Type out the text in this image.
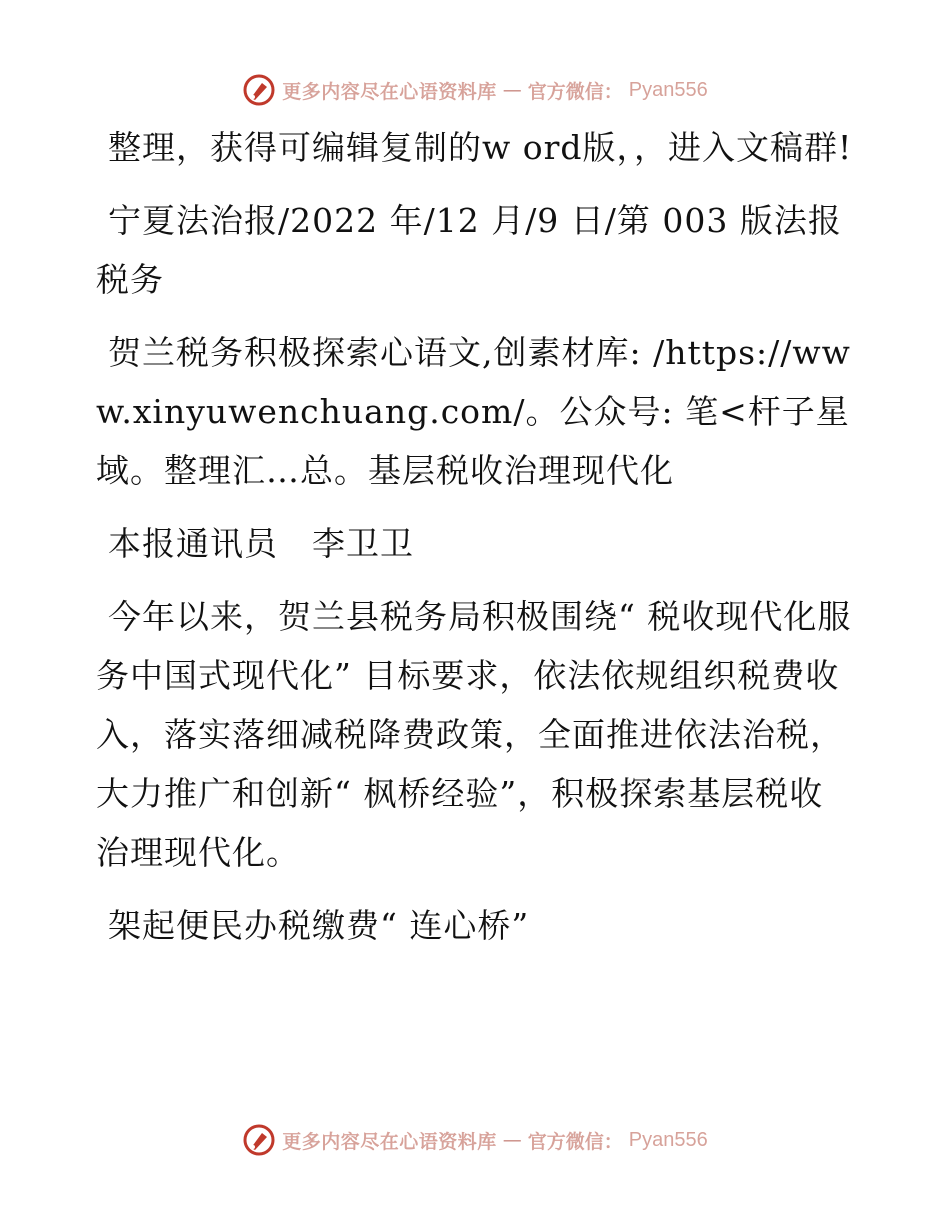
更多内容尽在心语资料库 — 官方微信： Pyan556

整理，获得可编辑复制的w ord版，，进入文稿群!

宁夏法治报/2022 年/12 月/9 日/第 003 版法报税务

贺兰税务积极探索心语文,创素材库: /https://www.xinyuwenchuang.com/。公众号: 笔<杆子星域。整理汇…总。基层税收治理现代化

本报通讯员　李卫卫

今年以来，贺兰县税务局积极围绕“ 税收现代化服务中国式现代化” 目标要求，依法依规组织税费收入，落实落细减税降费政策，全面推进依法治税，大力推广和创新“ 枫桥经验”，积极探索基层税收治理现代化。

架起便民办税缴费“ 连心桥”

更多内容尽在心语资料库 — 官方微信： Pyan556
